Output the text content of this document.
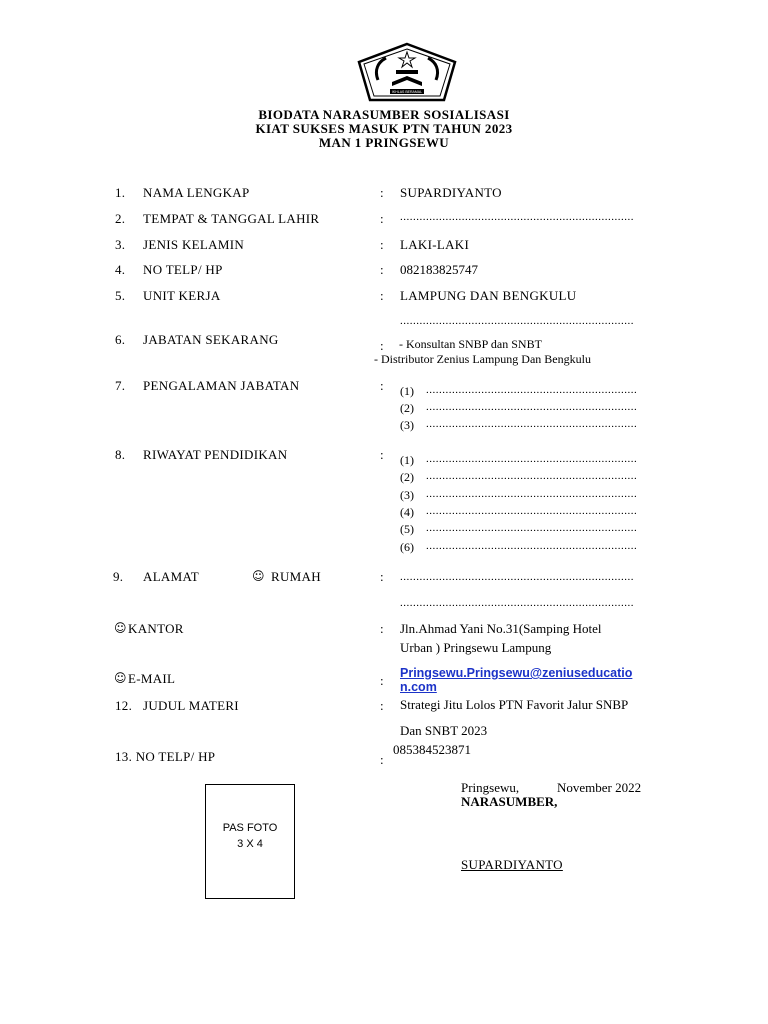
IKHLAS BERAMAL
BIODATA NARASUMBER SOSIALISASI
KIAT SUKSES MASUK PTN TAHUN 2023
MAN 1 PRINGSEWU
1. NAMA LENGKAP	: SUPARDIYANTO
2. TEMPAT & TANGGAL LAHIR	: ........................................................................
3. JENIS KELAMIN	: LAKI-LAKI
4. NO TELP/ HP	: 082183825747
5. UNIT KERJA	: LAMPUNG DAN BENGKULU
........................................................................
6. JABATAN SEKARANG	: - Konsultan SNBP dan SNBT
- Distributor Zenius Lampung Dan Bengkulu
7. PENGALAMAN JABATAN	: (1) .................................................................
(2) .................................................................
(3) .................................................................
8. RIWAYAT PENDIDIKAN	: (1) .................................................................
(2) .................................................................
(3) .................................................................
(4) .................................................................
(5) .................................................................
(6) .................................................................
9. ALAMAT	☺ RUMAH	: ........................................................................
........................................................................
☺ KANTOR	: Jln.Ahmad Yani No.31(Samping Hotel
Urban ) Pringsewu Lampung
☺ E-MAIL	: Pringsewu.Pringsewu@zeniuseducatio
n.com
12. JUDUL MATERI	: Strategi Jitu Lolos PTN Favorit Jalur SNBP
Dan SNBT 2023
13. NO TELP/ HP	:
085384523871
PAS FOTO
3 X 4
Pringsewu,	November 2022
NARASUMBER,
SUPARDIYANTO
